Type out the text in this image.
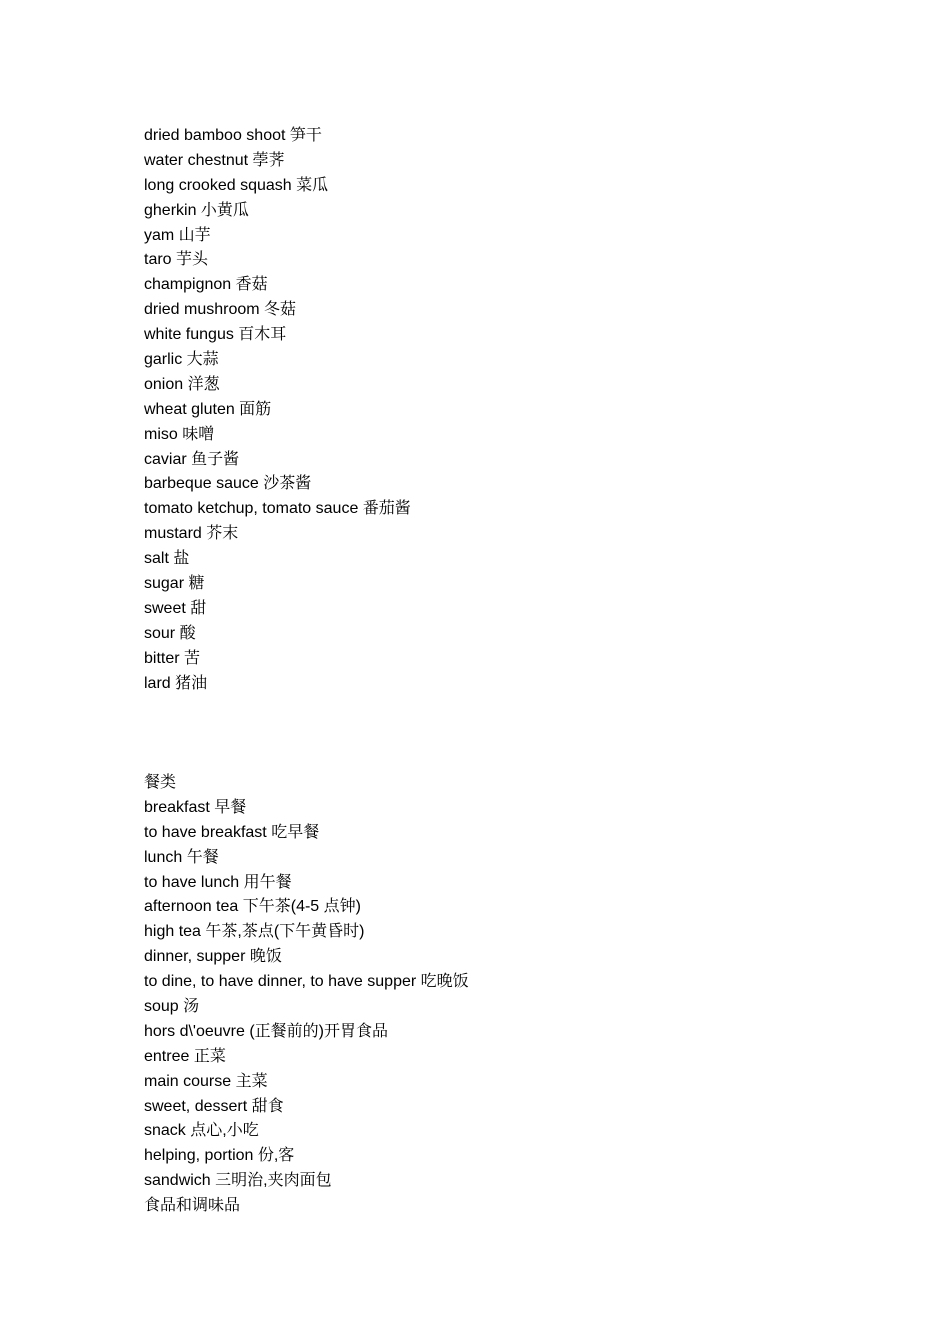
dried bamboo shoot 笋干
water chestnut 荸荠
long crooked squash 菜瓜
gherkin 小黄瓜
yam 山芋
taro 芋头
champignon 香菇
dried mushroom 冬菇
white fungus 百木耳
garlic 大蒜
onion 洋葱
wheat gluten 面筋
miso 味噌
caviar 鱼子酱
barbeque sauce 沙茶酱
tomato ketchup, tomato sauce 番茄酱
mustard 芥末
salt 盐
sugar 糖
sweet 甜
sour 酸
bitter 苦
lard 猪油
餐类
breakfast 早餐
to have breakfast 吃早餐
lunch 午餐
to have lunch 用午餐
afternoon tea 下午茶(4-5 点钟)
high tea 午茶,茶点(下午黄昏时)
dinner, supper 晚饭
to dine, to have dinner, to have supper 吃晚饭
soup 汤
hors d\'oeuvre (正餐前的)开胃食品
entree 正菜
main course 主菜
sweet, dessert 甜食
snack 点心,小吃
helping, portion 份,客
sandwich 三明治,夹肉面包
食品和调味品
